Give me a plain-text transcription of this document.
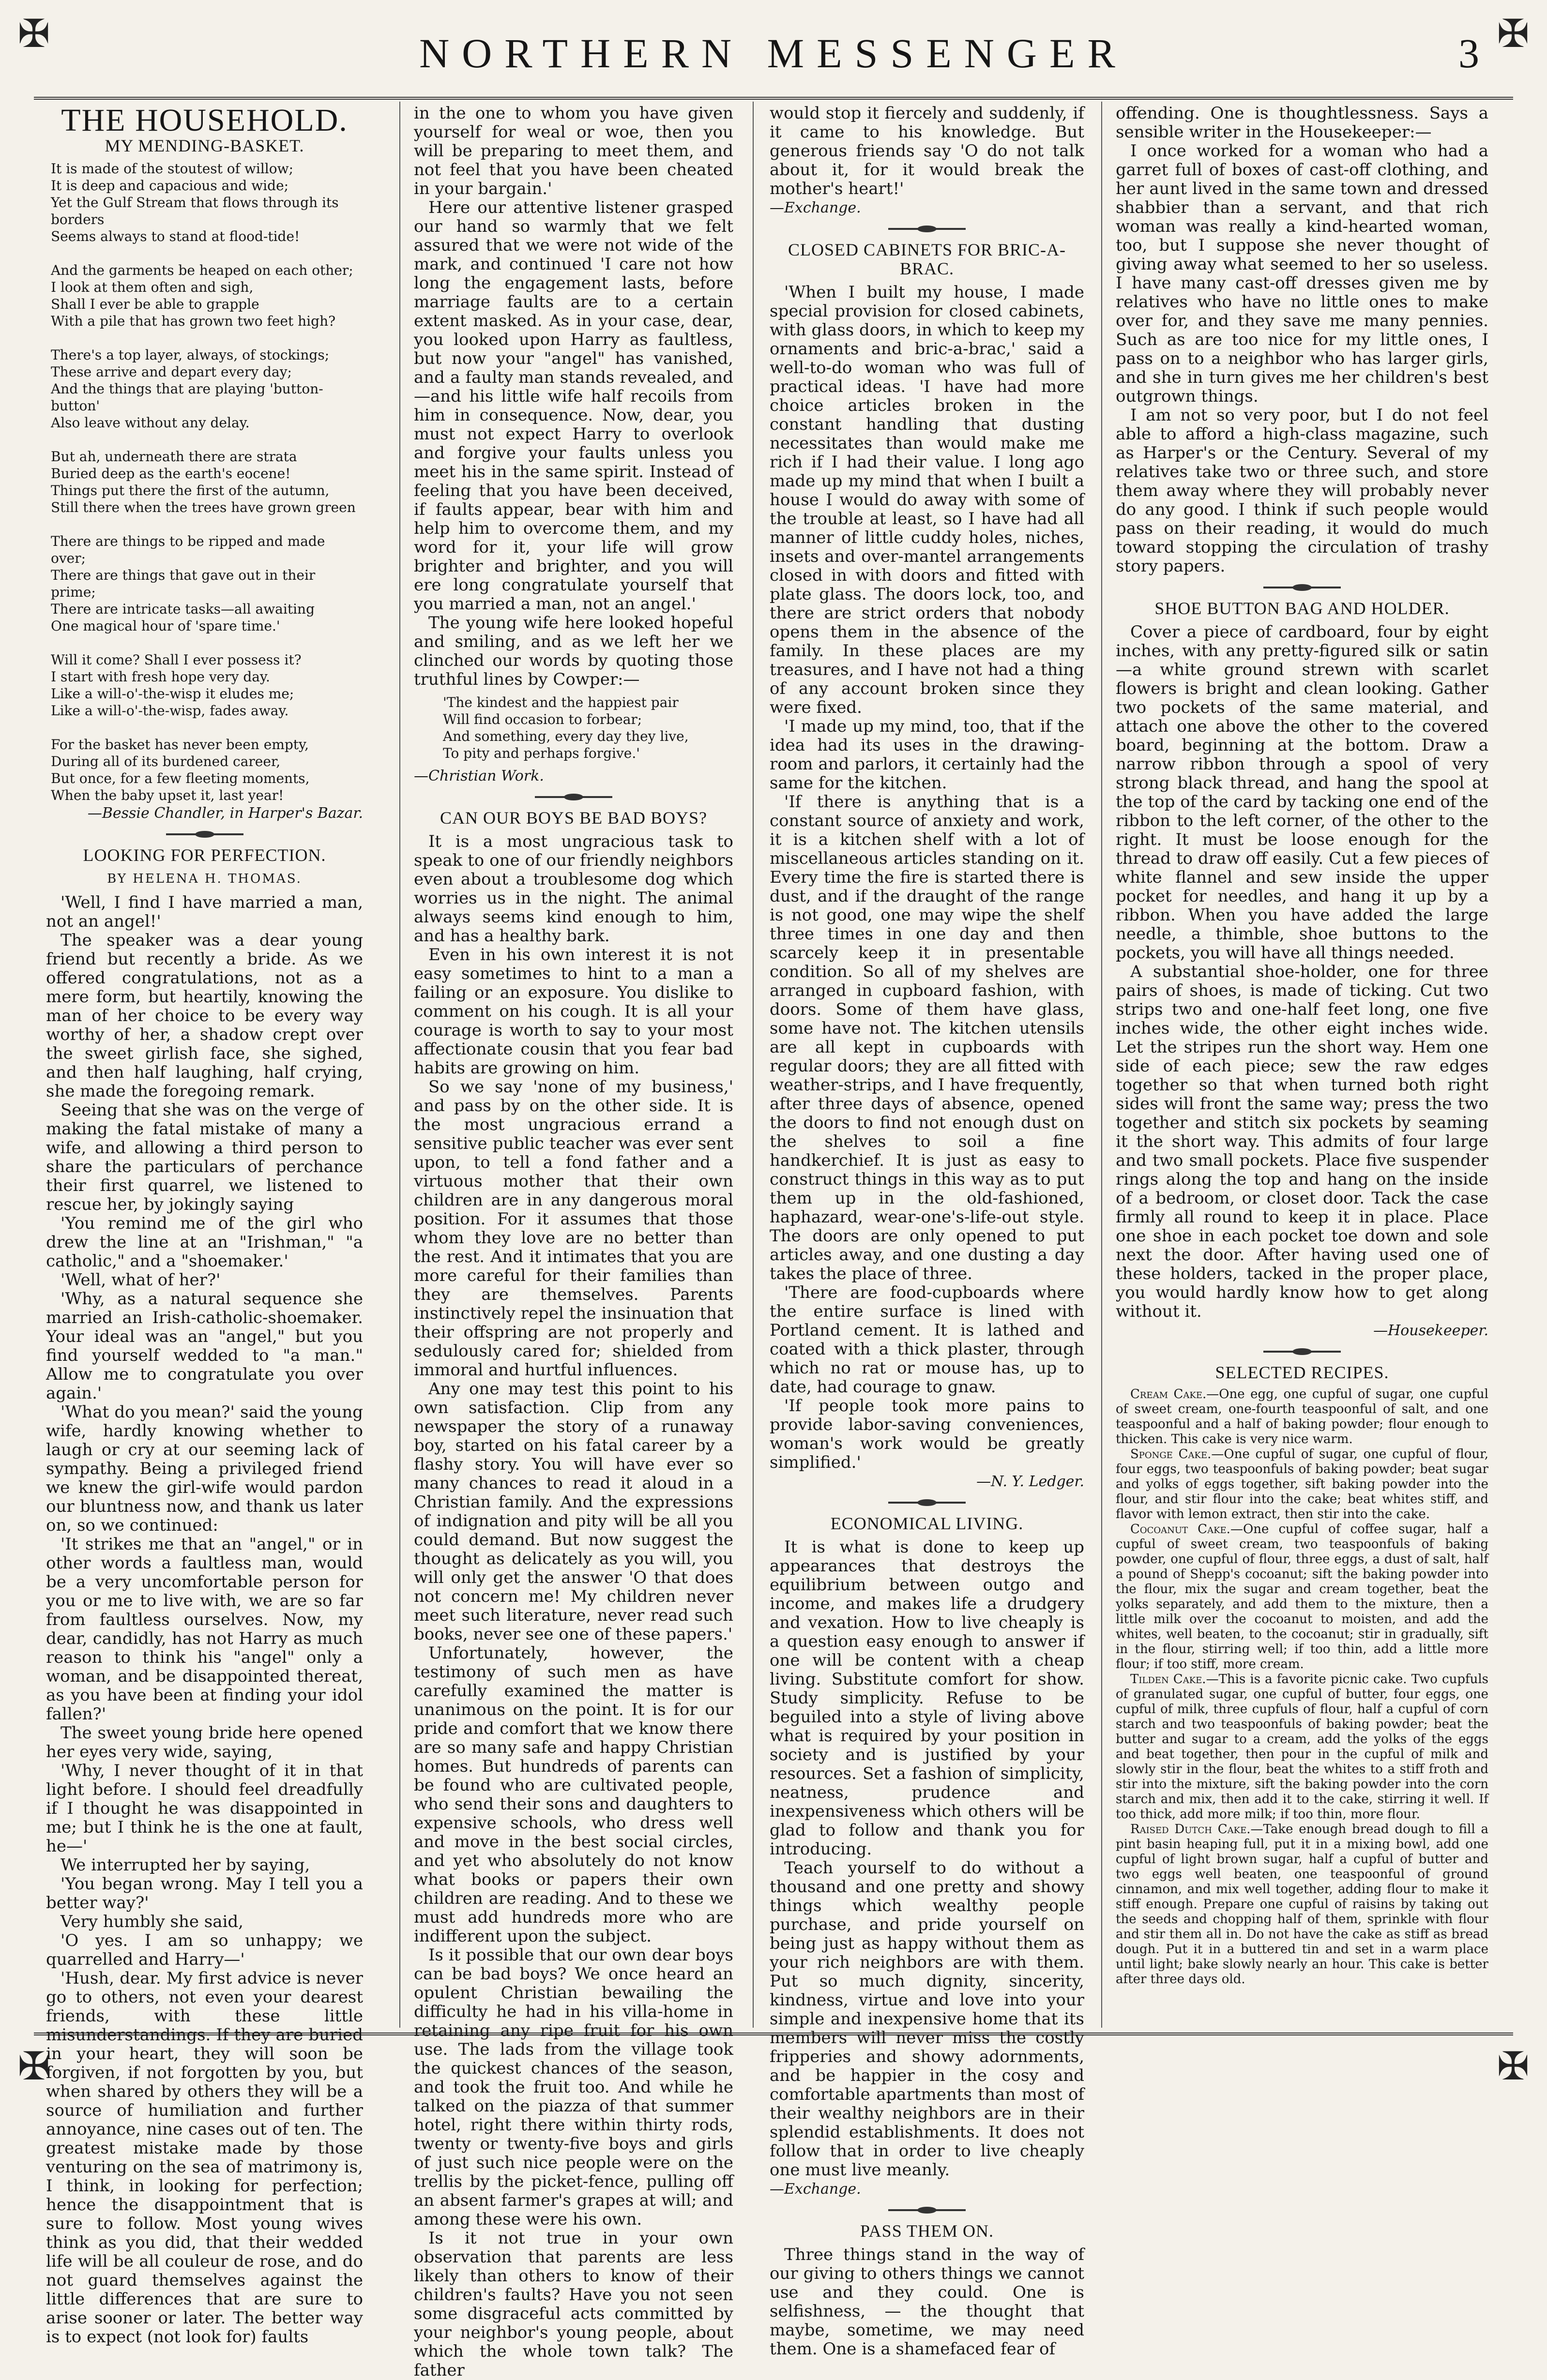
✠	✠
✠	✠
NORTHERN MESSENGER	3
THE HOUSEHOLD.
MY MENDING-BASKET.
It is made of the stoutest of willow;
It is deep and capacious and wide;
Yet the Gulf Stream that flows through its borders
Seems always to stand at flood-tide!

And the garments be heaped on each other;
I look at them often and sigh,
Shall I ever be able to grapple
With a pile that has grown two feet high?

There's a top layer, always, of stockings;
These arrive and depart every day;
And the things that are playing 'button-button'
Also leave without any delay.

But ah, underneath there are strata
Buried deep as the earth's eocene!
Things put there the first of the autumn,
Still there when the trees have grown green

There are things to be ripped and made over;
There are things that gave out in their prime;
There are intricate tasks—all awaiting
One magical hour of 'spare time.'

Will it come? Shall I ever possess it?
I start with fresh hope very day.
Like a will-o'-the-wisp it eludes me;
Like a will-o'-the-wisp, fades away.

For the basket has never been empty,
During all of its burdened career,
But once, for a few fleeting moments,
When the baby upset it, last year!
—Bessie Chandler, in Harper's Bazar.
LOOKING FOR PERFECTION.
BY HELENA H. THOMAS.

'Well, I find I have married a man, not an angel!'

The speaker was a dear young friend but recently a bride. As we offered congratulations, not as a mere form, but heartily, knowing the man of her choice to be every way worthy of her, a shadow crept over the sweet girlish face, she sighed, and then half laughing, half crying, she made the foregoing remark.

Seeing that she was on the verge of making the fatal mistake of many a wife, and allowing a third person to share the particulars of perchance their first quarrel, we listened to rescue her, by jokingly saying

'You remind me of the girl who drew the line at an "Irishman," "a catholic," and a "shoemaker.'

'Well, what of her?'

'Why, as a natural sequence she married an Irish-catholic-shoemaker. Your ideal was an "angel," but you find yourself wedded to "a man." Allow me to congratulate you over again.'

'What do you mean?' said the young wife, hardly knowing whether to laugh or cry at our seeming lack of sympathy. Being a privileged friend we knew the girl-wife would pardon our bluntness now, and thank us later on, so we continued:

'It strikes me that an "angel," or in other words a faultless man, would be a very uncomfortable person for you or me to live with, we are so far from faultless ourselves. Now, my dear, candidly, has not Harry as much reason to think his "angel" only a woman, and be disappointed thereat, as you have been at finding your idol fallen?'

The sweet young bride here opened her eyes very wide, saying,

'Why, I never thought of it in that light before. I should feel dreadfully if I thought he was disappointed in me; but I think he is the one at fault, he—'

We interrupted her by saying,

'You began wrong. May I tell you a better way?'

Very humbly she said,

'O yes. I am so unhappy; we quarrelled and Harry—'

'Hush, dear. My first advice is never go to others, not even your dearest friends, with these little misunderstandings. If they are buried in your heart, they will soon be forgiven, if not forgotten by you, but when shared by others they will be a source of humiliation and further annoyance, nine cases out of ten. The greatest mistake made by those venturing on the sea of matrimony is, I think, in looking for perfection; hence the disappointment that is sure to follow. Most young wives think as you did, that their wedded life will be all couleur de rose, and do not guard themselves against the little differences that are sure to arise sooner or later. The better way is to expect (not look for) faults

in the one to whom you have given yourself for weal or woe, then you will be preparing to meet them, and not feel that you have been cheated in your bargain.'

Here our attentive listener grasped our hand so warmly that we felt assured that we were not wide of the mark, and continued 'I care not how long the engagement lasts, before marriage faults are to a certain extent masked. As in your case, dear, you looked upon Harry as faultless, but now your "angel" has vanished, and a faulty man stands revealed, and—and his little wife half recoils from him in consequence. Now, dear, you must not expect Harry to overlook and forgive your faults unless you meet his in the same spirit. Instead of feeling that you have been deceived, if faults appear, bear with him and help him to overcome them, and my word for it, your life will grow brighter and brighter, and you will ere long congratulate yourself that you married a man, not an angel.'

The young wife here looked hopeful and smiling, and as we left her we clinched our words by quoting those truthful lines by Cowper:—

'The kindest and the happiest pair
Will find occasion to forbear;
And something, every day they live,
To pity and perhaps forgive.'
—Christian Work.
CAN OUR BOYS BE BAD BOYS?

It is a most ungracious task to speak to one of our friendly neighbors even about a troublesome dog which worries us in the night. The animal always seems kind enough to him, and has a healthy bark.

Even in his own interest it is not easy sometimes to hint to a man a failing or an exposure. You dislike to comment on his cough. It is all your courage is worth to say to your most affectionate cousin that you fear bad habits are growing on him.

So we say 'none of my business,' and pass by on the other side. It is the most ungracious errand a sensitive public teacher was ever sent upon, to tell a fond father and a virtuous mother that their own children are in any dangerous moral position. For it assumes that those whom they love are no better than the rest. And it intimates that you are more careful for their families than they are themselves. Parents instinctively repel the insinuation that their offspring are not properly and sedulously cared for; shielded from immoral and hurtful influences.

Any one may test this point to his own satisfaction. Clip from any newspaper the story of a runaway boy, started on his fatal career by a flashy story. You will have ever so many chances to read it aloud in a Christian family. And the expressions of indignation and pity will be all you could demand. But now suggest the thought as delicately as you will, you will only get the answer 'O that does not concern me! My children never meet such literature, never read such books, never see one of these papers.'

Unfortunately, however, the testimony of such men as have carefully examined the matter is unanimous on the point. It is for our pride and comfort that we know there are so many safe and happy Christian homes. But hundreds of parents can be found who are cultivated people, who send their sons and daughters to expensive schools, who dress well and move in the best social circles, and yet who absolutely do not know what books or papers their own children are reading. And to these we must add hundreds more who are indifferent upon the subject.

Is it possible that our own dear boys can be bad boys? We once heard an opulent Christian bewailing the difficulty he had in his villa-home in retaining any ripe fruit for his own use. The lads from the village took the quickest chances of the season, and took the fruit too. And while he talked on the piazza of that summer hotel, right there within thirty rods, twenty or twenty-five boys and girls of just such nice people were on the trellis by the picket-fence, pulling off an absent farmer's grapes at will; and among these were his own.

Is it not true in your own observation that parents are less likely than others to know of their children's faults? Have you not seen some disgraceful acts committed by your neighbor's young people, about which the whole town talk? The father

would stop it fiercely and suddenly, if it came to his knowledge. But generous friends say 'O do not talk about it, for it would break the mother's heart!'

—Exchange.
CLOSED CABINETS FOR BRIC-A-BRAC.

'When I built my house, I made special provision for closed cabinets, with glass doors, in which to keep my ornaments and bric-a-brac,' said a well-to-do woman who was full of practical ideas. 'I have had more choice articles broken in the constant handling that dusting necessitates than would make me rich if I had their value. I long ago made up my mind that when I built a house I would do away with some of the trouble at least, so I have had all manner of little cuddy holes, niches, insets and over-mantel arrangements closed in with doors and fitted with plate glass. The doors lock, too, and there are strict orders that nobody opens them in the absence of the family. In these places are my treasures, and I have not had a thing of any account broken since they were fixed.

'I made up my mind, too, that if the idea had its uses in the drawing-room and parlors, it certainly had the same for the kitchen.

'If there is anything that is a constant source of anxiety and work, it is a kitchen shelf with a lot of miscellaneous articles standing on it. Every time the fire is started there is dust, and if the draught of the range is not good, one may wipe the shelf three times in one day and then scarcely keep it in presentable condition. So all of my shelves are arranged in cupboard fashion, with doors. Some of them have glass, some have not. The kitchen utensils are all kept in cupboards with regular doors; they are all fitted with weather-strips, and I have frequently, after three days of absence, opened the doors to find not enough dust on the shelves to soil a fine handkerchief. It is just as easy to construct things in this way as to put them up in the old-fashioned, haphazard, wear-one's-life-out style. The doors are only opened to put articles away, and one dusting a day takes the place of three.

'There are food-cupboards where the entire surface is lined with Portland cement. It is lathed and coated with a thick plaster, through which no rat or mouse has, up to date, had courage to gnaw.

'If people took more pains to provide labor-saving conveniences, woman's work would be greatly simplified.'

—N. Y. Ledger.
ECONOMICAL LIVING.

It is what is done to keep up appearances that destroys the equilibrium between outgo and income, and makes life a drudgery and vexation. How to live cheaply is a question easy enough to answer if one will be content with a cheap living. Substitute comfort for show. Study simplicity. Refuse to be beguiled into a style of living above what is required by your position in society and is justified by your resources. Set a fashion of simplicity, neatness, prudence and inexpensiveness which others will be glad to follow and thank you for introducing.

Teach yourself to do without a thousand and one pretty and showy things which wealthy people purchase, and pride yourself on being just as happy without them as your rich neighbors are with them. Put so much dignity, sincerity, kindness, virtue and love into your simple and inexpensive home that its members will never miss the costly fripperies and showy adornments, and be happier in the cosy and comfortable apartments than most of their wealthy neighbors are in their splendid establishments. It does not follow that in order to live cheaply one must live meanly.

—Exchange.
PASS THEM ON.

Three things stand in the way of our giving to others things we cannot use and they could. One is selfishness, — the thought that maybe, sometime, we may need them. One is a shamefaced fear of

offending. One is thoughtlessness. Says a sensible writer in the Housekeeper:—

I once worked for a woman who had a garret full of boxes of cast-off clothing, and her aunt lived in the same town and dressed shabbier than a servant, and that rich woman was really a kind-hearted woman, too, but I suppose she never thought of giving away what seemed to her so useless. I have many cast-off dresses given me by relatives who have no little ones to make over for, and they save me many pennies. Such as are too nice for my little ones, I pass on to a neighbor who has larger girls, and she in turn gives me her children's best outgrown things.

I am not so very poor, but I do not feel able to afford a high-class magazine, such as Harper's or the Century. Several of my relatives take two or three such, and store them away where they will probably never do any good. I think if such people would pass on their reading, it would do much toward stopping the circulation of trashy story papers.

SHOE BUTTON BAG AND HOLDER.

Cover a piece of cardboard, four by eight inches, with any pretty-figured silk or satin—a white ground strewn with scarlet flowers is bright and clean looking. Gather two pockets of the same material, and attach one above the other to the covered board, beginning at the bottom. Draw a narrow ribbon through a spool of very strong black thread, and hang the spool at the top of the card by tacking one end of the ribbon to the left corner, of the other to the right. It must be loose enough for the thread to draw off easily. Cut a few pieces of white flannel and sew inside the upper pocket for needles, and hang it up by a ribbon. When you have added the large needle, a thimble, shoe buttons to the pockets, you will have all things needed.

A substantial shoe-holder, one for three pairs of shoes, is made of ticking. Cut two strips two and one-half feet long, one five inches wide, the other eight inches wide. Let the stripes run the short way. Hem one side of each piece; sew the raw edges together so that when turned both right sides will front the same way; press the two together and stitch six pockets by seaming it the short way. This admits of four large and two small pockets. Place five suspender rings along the top and hang on the inside of a bedroom, or closet door. Tack the case firmly all round to keep it in place. Place one shoe in each pocket toe down and sole next the door. After having used one of these holders, tacked in the proper place, you would hardly know how to get along without it.

—Housekeeper.
SELECTED RECIPES.

Cream Cake.—One egg, one cupful of sugar, one cupful of sweet cream, one-fourth teaspoonful of salt, and one teaspoonful and a half of baking powder; flour enough to thicken. This cake is very nice warm.

Sponge Cake.—One cupful of sugar, one cupful of flour, four eggs, two teaspoonfuls of baking powder; beat sugar and yolks of eggs together, sift baking powder into the flour, and stir flour into the cake; beat whites stiff, and flavor with lemon extract, then stir into the cake.

Cocoanut Cake.—One cupful of coffee sugar, half a cupful of sweet cream, two teaspoonfuls of baking powder, one cupful of flour, three eggs, a dust of salt, half a pound of Shepp's cocoanut; sift the baking powder into the flour, mix the sugar and cream together, beat the yolks separately, and add them to the mixture, then a little milk over the cocoanut to moisten, and add the whites, well beaten, to the cocoanut; stir in gradually, sift in the flour, stirring well; if too thin, add a little more flour; if too stiff, more cream.

Tilden Cake.—This is a favorite picnic cake. Two cupfuls of granulated sugar, one cupful of butter, four eggs, one cupful of milk, three cupfuls of flour, half a cupful of corn starch and two teaspoonfuls of baking powder; beat the butter and sugar to a cream, add the yolks of the eggs and beat together, then pour in the cupful of milk and slowly stir in the flour, beat the whites to a stiff froth and stir into the mixture, sift the baking powder into the corn starch and mix, then add it to the cake, stirring it well. If too thick, add more milk; if too thin, more flour.

Raised Dutch Cake.—Take enough bread dough to fill a pint basin heaping full, put it in a mixing bowl, add one cupful of light brown sugar, half a cupful of butter and two eggs well beaten, one teaspoonful of ground cinnamon, and mix well together, adding flour to make it stiff enough. Prepare one cupful of raisins by taking out the seeds and chopping half of them, sprinkle with flour and stir them all in. Do not have the cake as stiff as bread dough. Put it in a buttered tin and set in a warm place until light; bake slowly nearly an hour. This cake is better after three days old.
